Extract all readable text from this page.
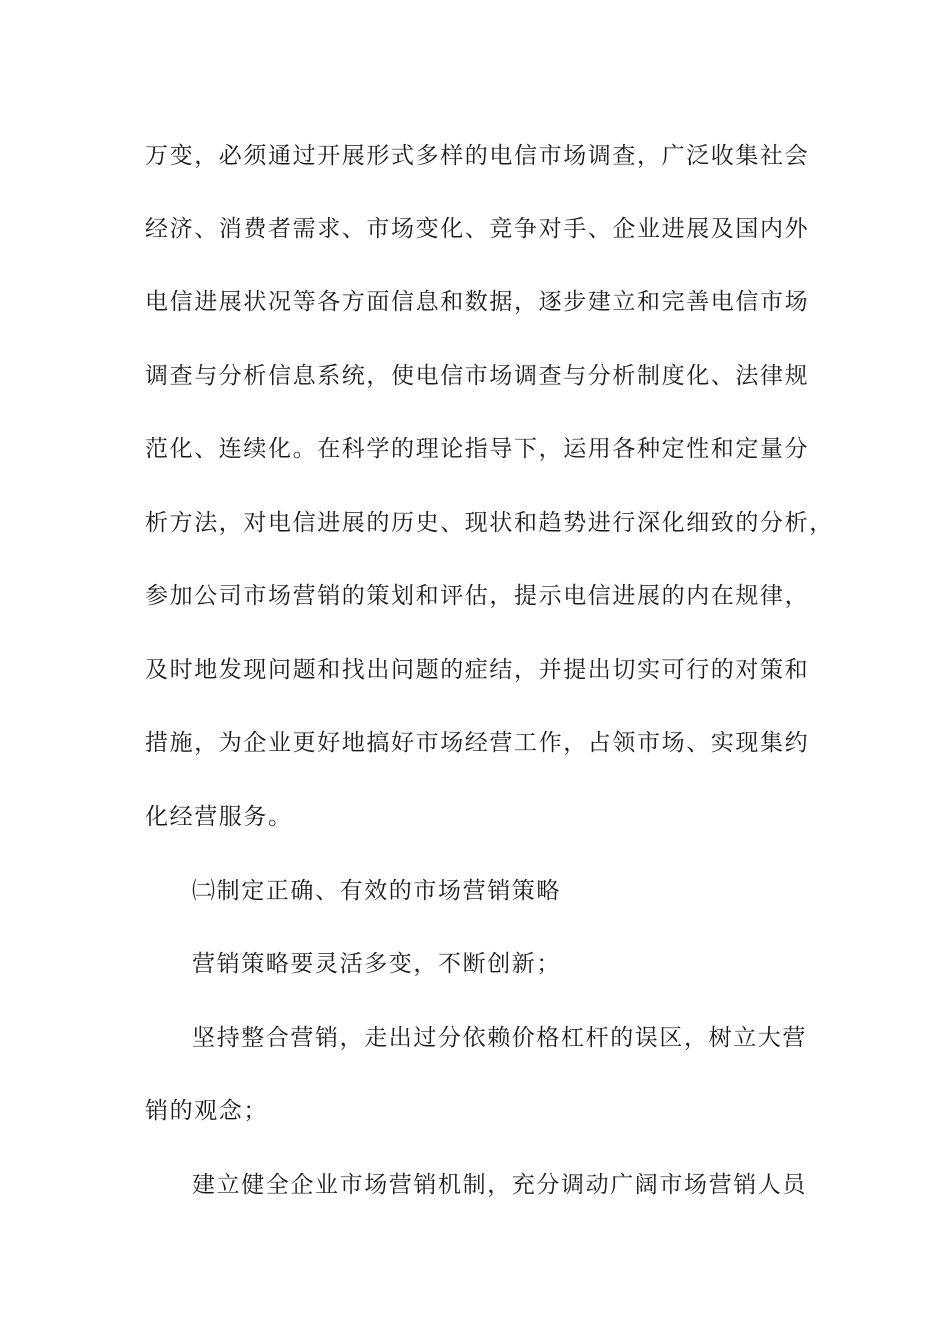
万变，必须通过开展形式多样的电信市场调查，广泛收集社会
经济、消费者需求、市场变化、竞争对手、企业进展及国内外
电信进展状况等各方面信息和数据，逐步建立和完善电信市场
调查与分析信息系统，使电信市场调查与分析制度化、法律规
范化、连续化。在科学的理论指导下，运用各种定性和定量分
析方法，对电信进展的历史、现状和趋势进行深化细致的分析，
参加公司市场营销的策划和评估，提示电信进展的内在规律，
及时地发现问题和找出问题的症结，并提出切实可行的对策和
措施，为企业更好地搞好市场经营工作，占领市场、实现集约
化经营服务。
㈡制定正确、有效的市场营销策略
营销策略要灵活多变，不断创新；
坚持整合营销，走出过分依赖价格杠杆的误区，树立大营
销的观念；
建立健全企业市场营销机制，充分调动广阔市场营销人员
